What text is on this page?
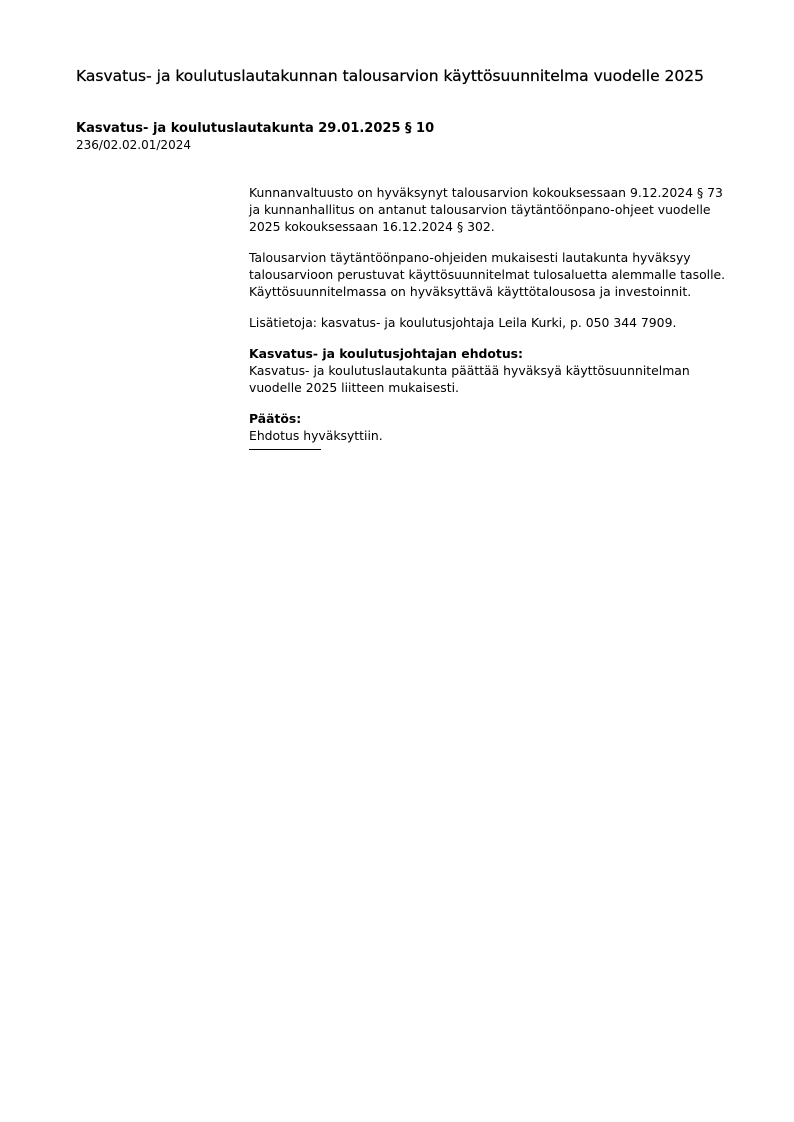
Kasvatus- ja koulutuslautakunnan talousarvion käyttösuunnitelma vuodelle 2025
Kasvatus- ja koulutuslautakunta 29.01.2025 § 10
236/02.02.01/2024

Kunnanvaltuusto on hyväksynyt talousarvion kokouksessaan 9.12.2024 § 73 ja kunnanhallitus on antanut talousarvion täytäntöönpano-ohjeet vuodelle 2025 kokouksessaan 16.12.2024 § 302.

Talousarvion täytäntöönpano-ohjeiden mukaisesti lautakunta hyväksyy talousarvioon perustuvat käyttösuunnitelmat tulosaluetta alemmalle tasolle. Käyttösuunnitelmassa on hyväksyttävä käyttötalousosa ja investoinnit.

Lisätietoja: kasvatus- ja koulutusjohtaja Leila Kurki, p. 050 344 7909.

Kasvatus- ja koulutusjohtajan ehdotus:
Kasvatus- ja koulutuslautakunta päättää hyväksyä käyttösuunnitelman vuodelle 2025 liitteen mukaisesti.
Päätös:
Ehdotus hyväksyttiin.
